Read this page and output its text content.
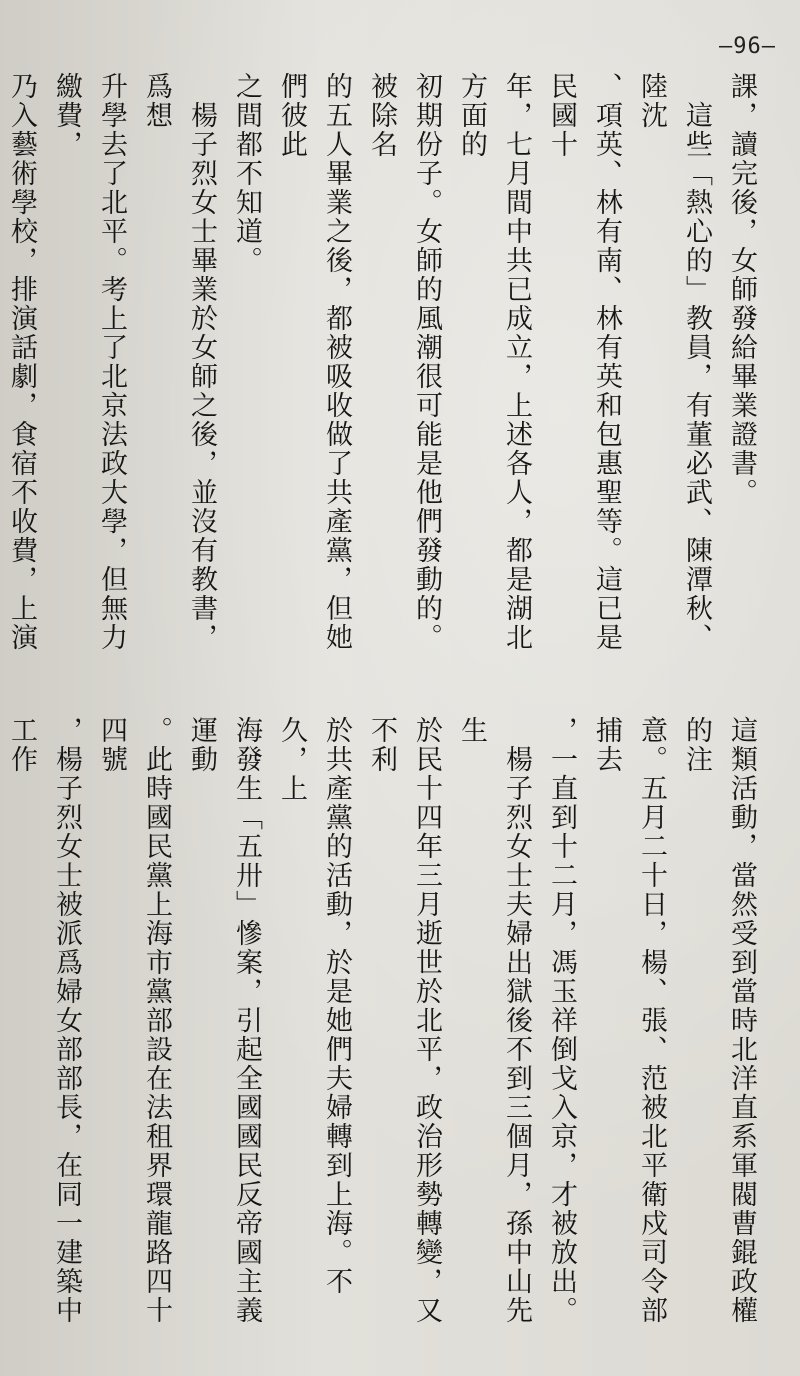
—96—
課，讀完後，女師發給畢業證書。
　這些「熱心的」教員，有董必武、陳潭秋、陸沈
、項英、林有南、林有英和包惠聖等。這已是民國十
年，七月間中共已成立，上述各人，都是湖北方面的
初期份子。女師的風潮很可能是他們發動的。被除名
的五人畢業之後，都被吸收做了共產黨，但她們彼此
之間都不知道。
　楊子烈女士畢業於女師之後，並沒有教書，爲想
升學去了北平。考上了北京法政大學，但無力繳費，
乃入藝術學校，排演話劇，食宿不收費，上演

這類活動，當然受到當時北洋直系軍閥曹錕政權的注
意。五月二十日，楊、張、范被北平衛戍司令部捕去
，一直到十二月，馮玉祥倒戈入京，才被放出。
　楊子烈女士夫婦出獄後不到三個月，孫中山先生
於民十四年三月逝世於北平，政治形勢轉變，又不利
於共產黨的活動，於是她們夫婦轉到上海。不久，上
海發生「五卅」慘案，引起全國國民反帝國主義運動
。此時國民黨上海市黨部設在法租界環龍路四十四號
，楊子烈女士被派爲婦女部部長，在同一建築中工作
